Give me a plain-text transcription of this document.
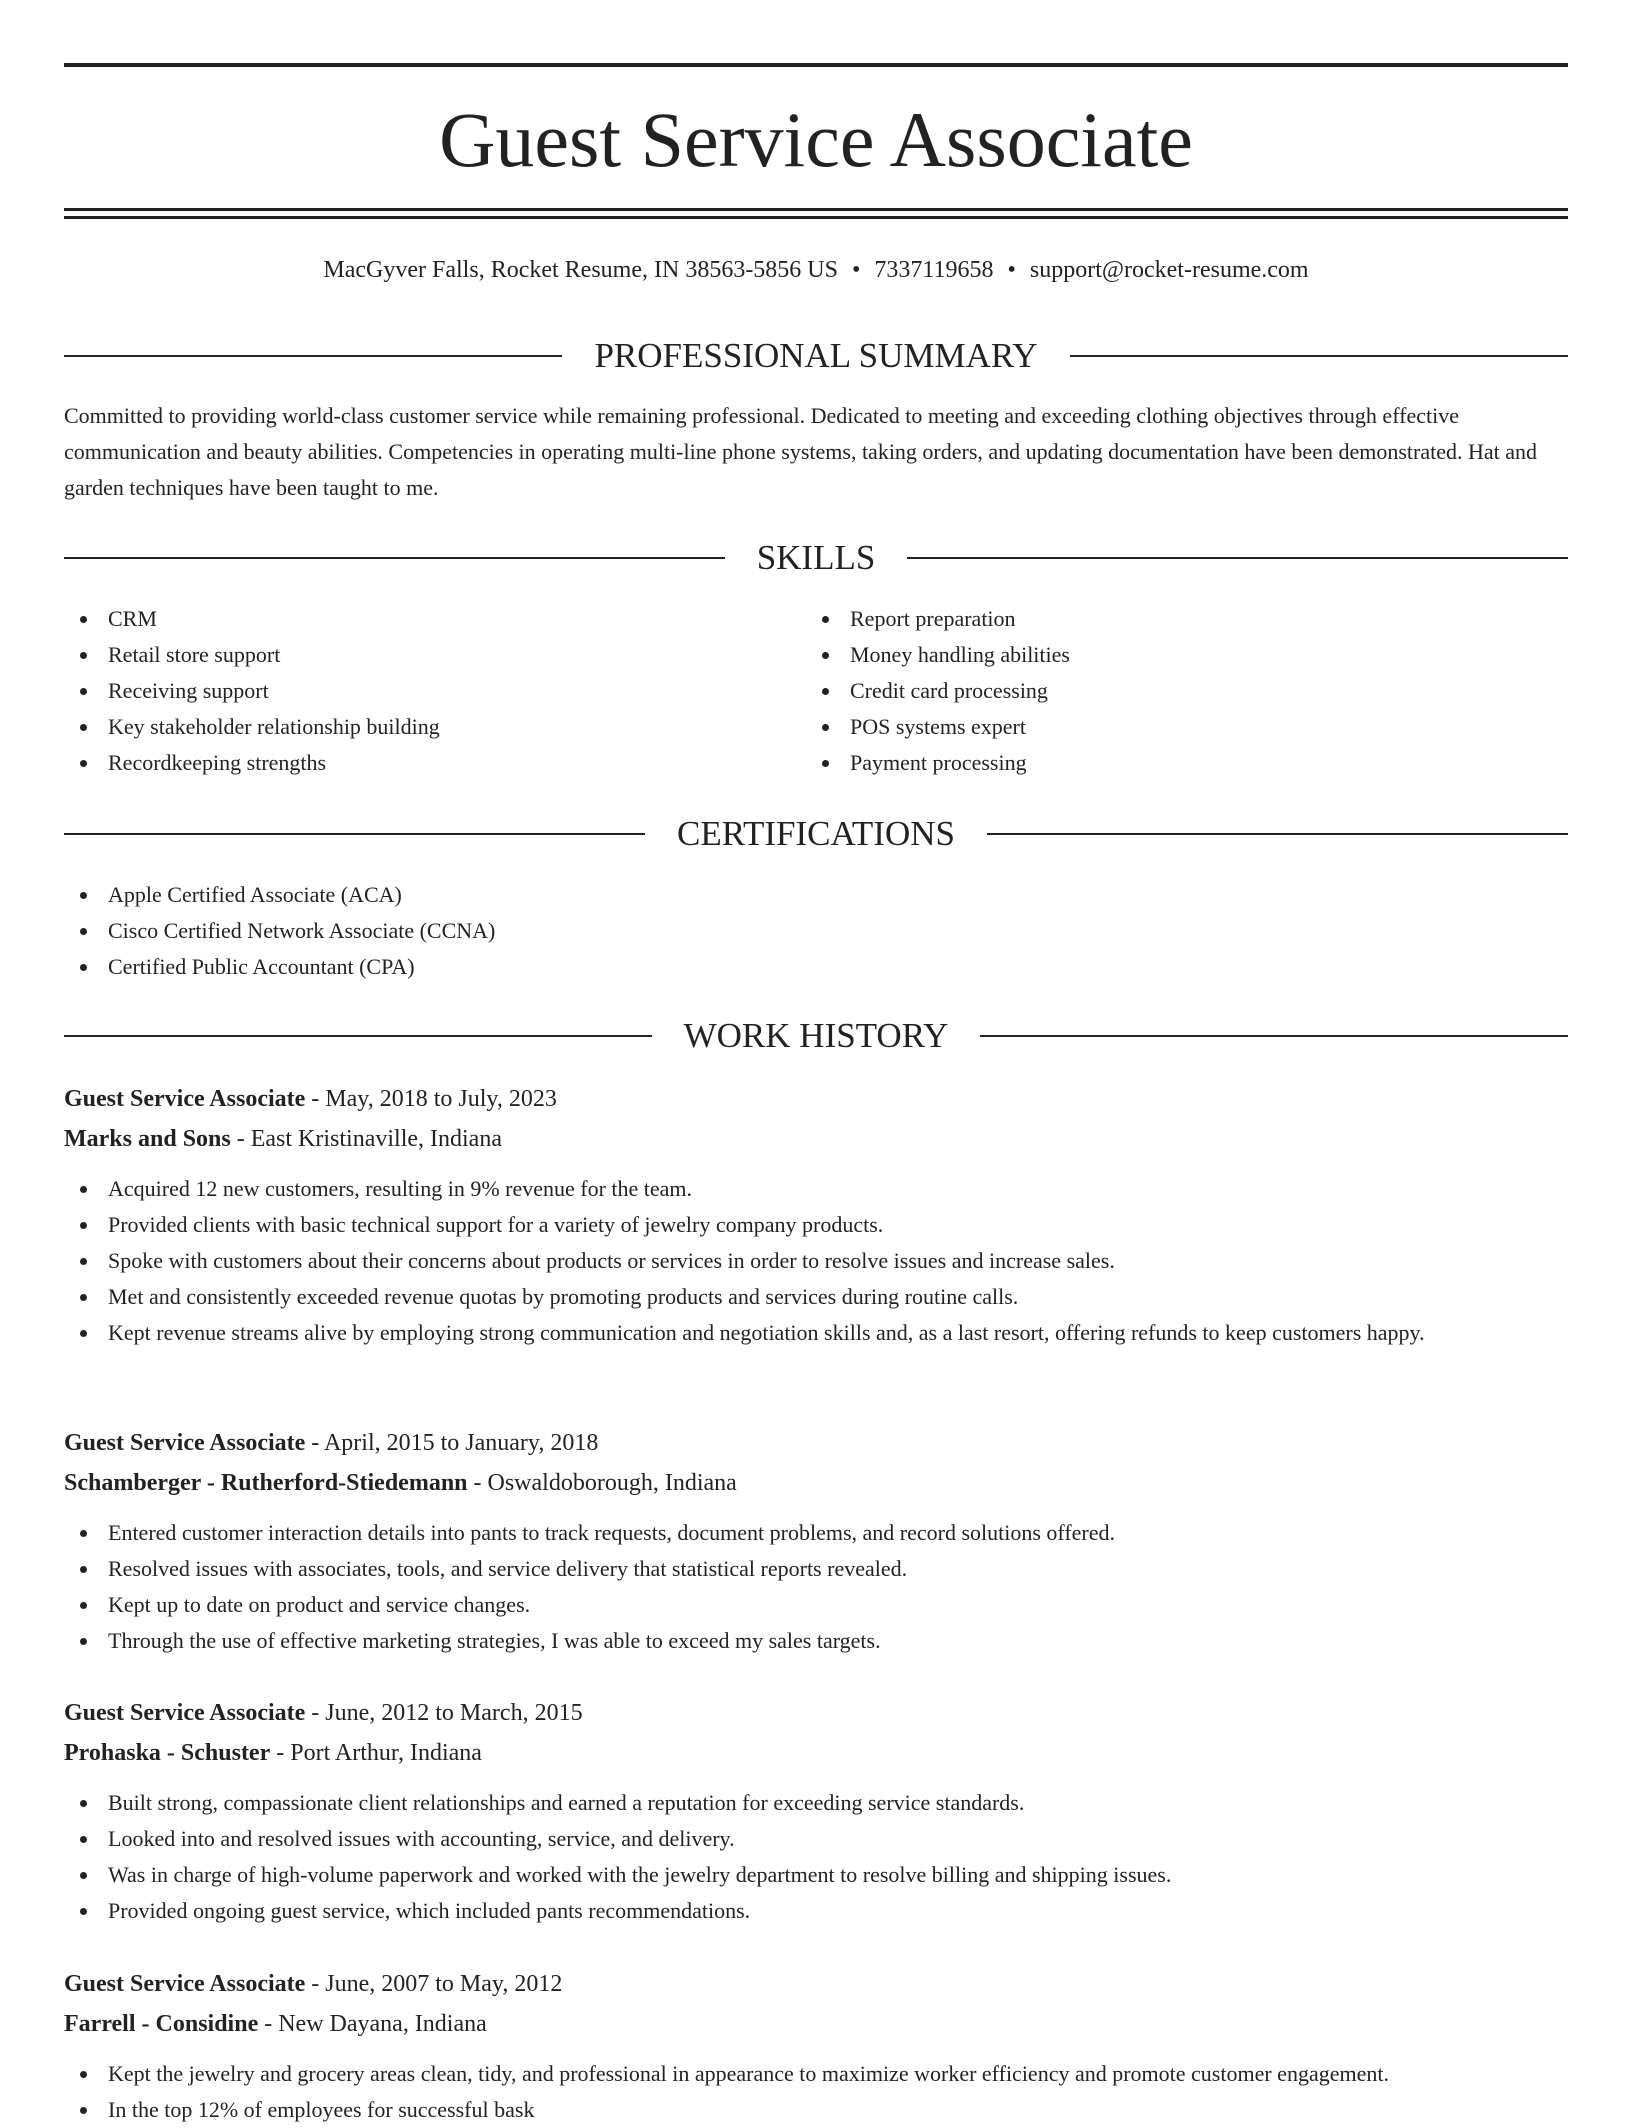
Guest Service Associate
MacGyver Falls, Rocket Resume, IN 38563-5856 US • 7337119658 • support@rocket-resume.com
PROFESSIONAL SUMMARY
Committed to providing world-class customer service while remaining professional. Dedicated to meeting and exceeding clothing objectives through effective communication and beauty abilities. Competencies in operating multi-line phone systems, taking orders, and updating documentation have been demonstrated. Hat and garden techniques have been taught to me.
SKILLS
CRM
Retail store support
Receiving support
Key stakeholder relationship building
Recordkeeping strengths
Report preparation
Money handling abilities
Credit card processing
POS systems expert
Payment processing
CERTIFICATIONS
Apple Certified Associate (ACA)
Cisco Certified Network Associate (CCNA)
Certified Public Accountant (CPA)
WORK HISTORY
Guest Service Associate - May, 2018 to July, 2023
Marks and Sons - East Kristinaville, Indiana
Acquired 12 new customers, resulting in 9% revenue for the team.
Provided clients with basic technical support for a variety of jewelry company products.
Spoke with customers about their concerns about products or services in order to resolve issues and increase sales.
Met and consistently exceeded revenue quotas by promoting products and services during routine calls.
Kept revenue streams alive by employing strong communication and negotiation skills and, as a last resort, offering refunds to keep customers happy.
Guest Service Associate - April, 2015 to January, 2018
Schamberger - Rutherford-Stiedemann - Oswaldoborough, Indiana
Entered customer interaction details into pants to track requests, document problems, and record solutions offered.
Resolved issues with associates, tools, and service delivery that statistical reports revealed.
Kept up to date on product and service changes.
Through the use of effective marketing strategies, I was able to exceed my sales targets.
Guest Service Associate - June, 2012 to March, 2015
Prohaska - Schuster - Port Arthur, Indiana
Built strong, compassionate client relationships and earned a reputation for exceeding service standards.
Looked into and resolved issues with accounting, service, and delivery.
Was in charge of high-volume paperwork and worked with the jewelry department to resolve billing and shipping issues.
Provided ongoing guest service, which included pants recommendations.
Guest Service Associate - June, 2007 to May, 2012
Farrell - Considine - New Dayana, Indiana
Kept the jewelry and grocery areas clean, tidy, and professional in appearance to maximize worker efficiency and promote customer engagement.
In the top 12% of employees for successful bask
